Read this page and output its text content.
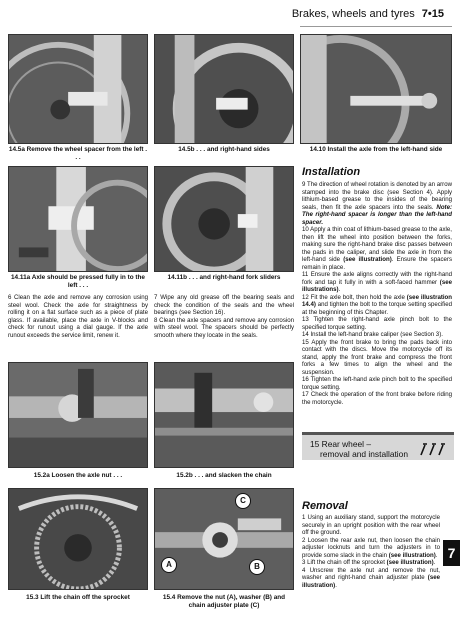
Brakes, wheels and tyres 7•15
14.5a Remove the wheel spacer from the left . . .
14.5b . . . and right-hand sides	14.10 Install the axle from the left-hand side
14.11a Axle should be pressed fully in to the left . . .
14.11b . . . and right-hand fork sliders
Installation

9 The direction of wheel rotation is denoted by an arrow stamped into the brake disc (see Section 4). Apply lithium-based grease to the insides of the bearing seals, then fit the axle spacers into the seals. Note: The right-hand spacer is longer than the left-hand spacer.

10 Apply a thin coat of lithium-based grease to the axle, then lift the wheel into position between the forks, making sure the right-hand brake disc passes between the pads in the caliper, and slide the axle in from the left-hand side (see illustration). Ensure the spacers remain in place.

11 Ensure the axle aligns correctly with the right-hand fork and tap it fully in with a soft-faced hammer (see illustrations).

12 Fit the axle bolt, then hold the axle (see illustration 14.4) and tighten the bolt to the torque setting specified at the beginning of this Chapter.

13 Tighten the right-hand axle pinch bolt to the specified torque setting.

14 Install the left-hand brake caliper (see Section 3).

15 Apply the front brake to bring the pads back into contact with the discs. Move the motorcycle off its stand, apply the front brake and compress the front forks a few times to align the wheel and the suspension.

16 Tighten the left-hand axle pinch bolt to the specified torque setting.

17 Check the operation of the front brake before riding the motorcycle.

6 Clean the axle and remove any corrosion using steel wool. Check the axle for straightness by rolling it on a flat surface such as a piece of plate glass. If available, place the axle in V-blocks and check for runout using a dial gauge. If the axle runout exceeds the service limit, renew it.

7 Wipe any old grease off the bearing seals and check the condition of the seals and the wheel bearings (see Section 16).

8 Clean the axle spacers and remove any corrosion with steel wool. The spacers should be perfectly smooth where they locate in the seals.

15.2a Loosen the axle nut . . .	15.2b . . . and slacken the chain
15 Rear wheel –
removal and installation
Removal

1 Using an auxiliary stand, support the motorcycle securely in an upright position with the rear wheel off the ground.

2 Loosen the rear axle nut, then loosen the chain adjuster locknuts and turn the adjusters in to provide some slack in the chain (see illustration).

3 Lift the chain off the sprocket (see illustration).

4 Unscrew the axle nut and remove the nut, washer and right-hand chain adjuster plate (see illustration).

15.3 Lift the chain off the sprocket
A	B
C
15.4 Remove the nut (A), washer (B) and chain adjuster plate (C)
7
